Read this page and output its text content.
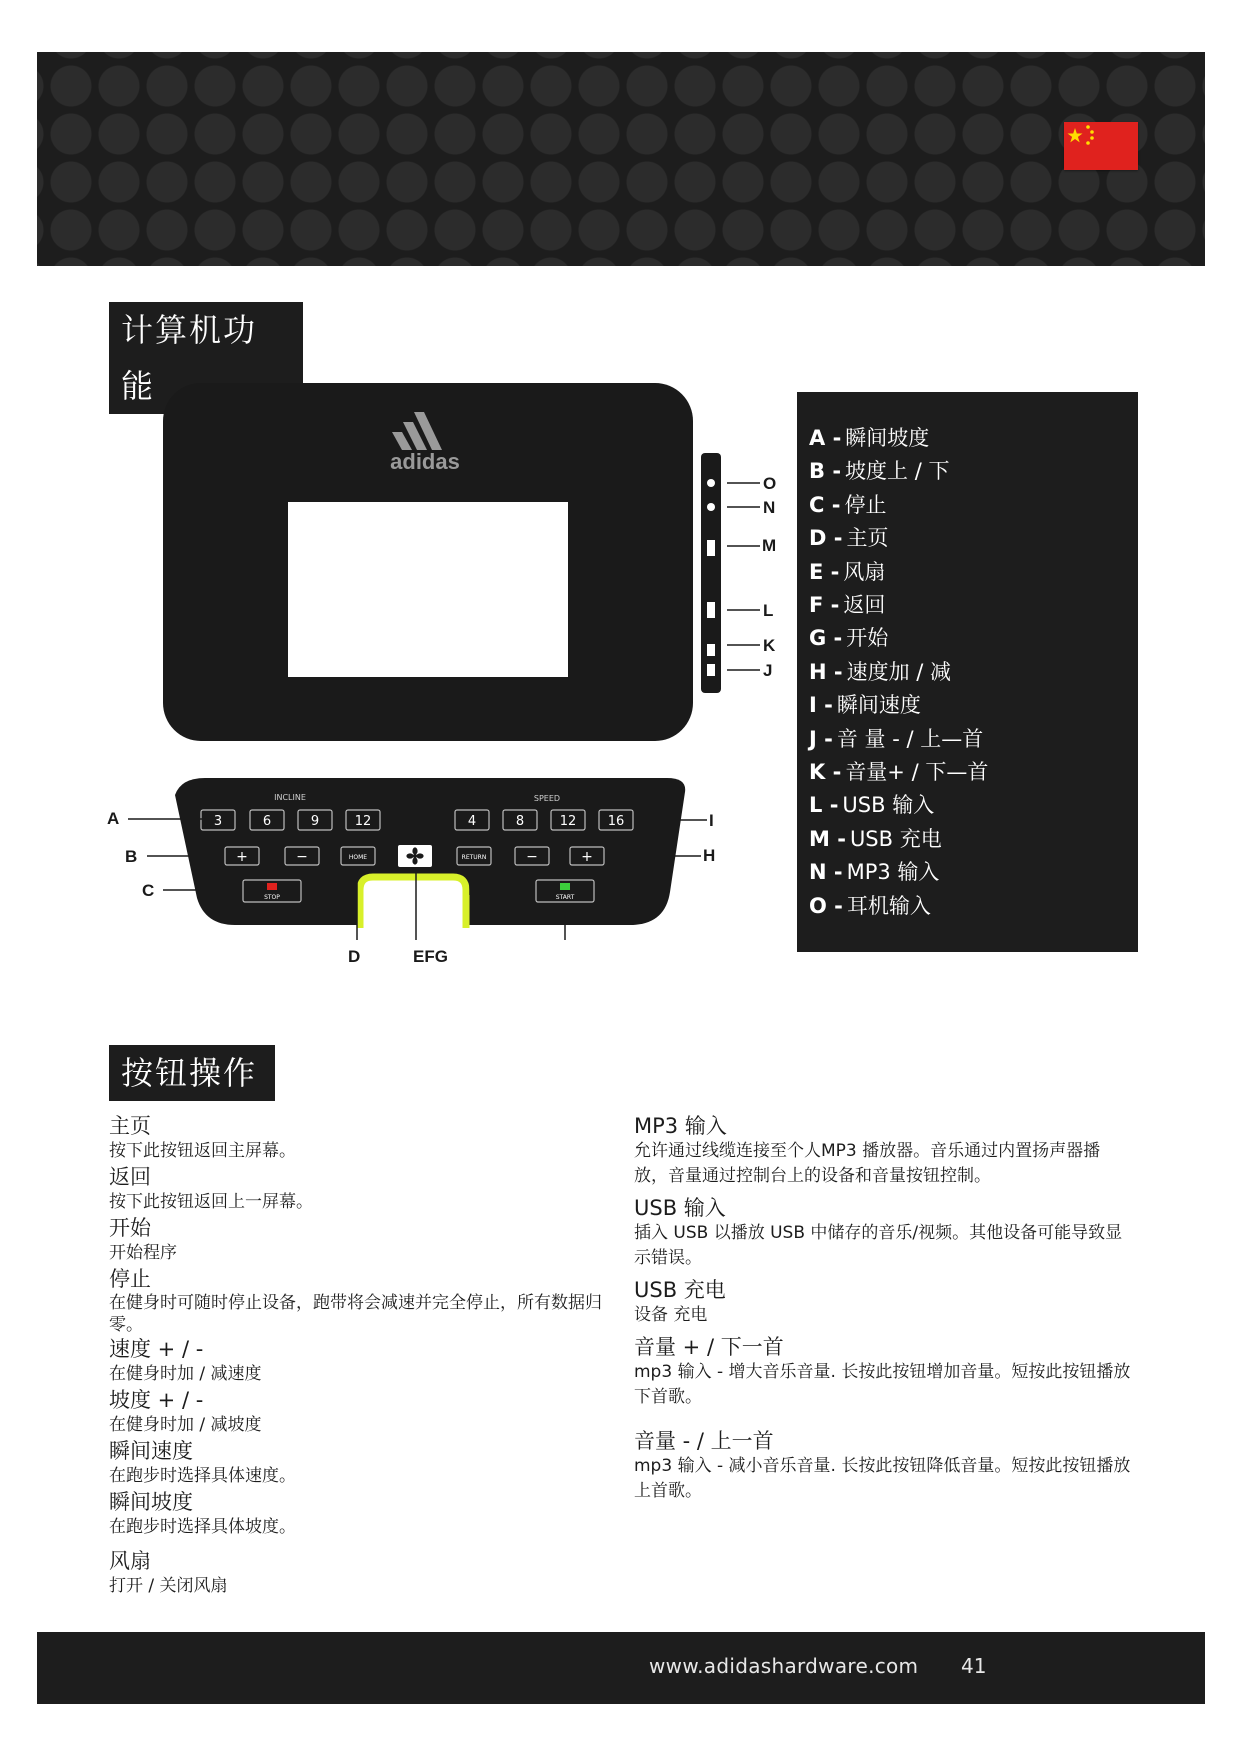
计算机功能
adidas
INCLINE	SPEED
3	6	9	12	4	8	12 16
+	−	HOME	RETURN	−	+
STOP	START
A
B
C
I
H
D	EFG
O
N
M
L
K
J
A - 瞬间坡度
B - 坡度上 / 下
C - 停止
D - 主页
E - 风扇
F - 返回
G - 开始
H - 速度加 / 减
I - 瞬间速度
J - 音 量 - / 上—首
K - 音量+ / 下—首
L - USB 输入
M - USB 充电
N - MP3 输入
O - 耳机输入
按钮操作
主页
按下此按钮返回主屏幕。
返回
按下此按钮返回上一屏幕。
开始
开始程序
停止
在健身时可随时停止设备，跑带将会减速并完全停止，所有数据归零。
速度 + / -
在健身时加 / 减速度
坡度 + / -
在健身时加 / 减坡度
瞬间速度
在跑步时选择具体速度。
瞬间坡度
在跑步时选择具体坡度。
风扇
打开 / 关闭风扇
MP3 输入
允许通过线缆连接至个人MP3 播放器。音乐通过内置扬声器播放，音量通过控制台上的设备和音量按钮控制。
USB 输入
插入 USB 以播放 USB 中储存的音乐/视频。其他设备可能导致显示错误。
USB 充电
设备 充电
音量 + / 下一首
mp3 输入 - 增大音乐音量. 长按此按钮增加音量。短按此按钮播放下首歌。
音量 - / 上一首
mp3 输入 - 减小音乐音量. 长按此按钮降低音量。短按此按钮播放上首歌。
www.adidashardware.com 41
